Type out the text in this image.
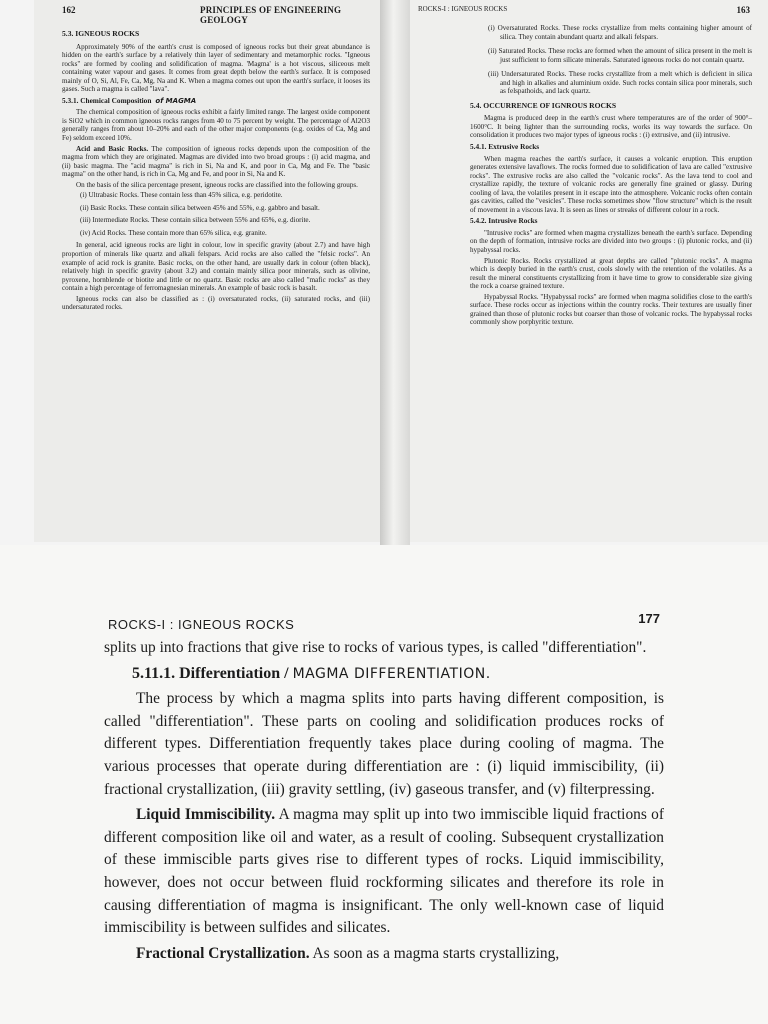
162	PRINCIPLES OF ENGINEERING GEOLOGY
5.3. IGNEOUS ROCKS

Approximately 90% of the earth's crust is composed of igneous rocks but their great abundance is hidden on the earth's surface by a relatively thin layer of sedimentary and metamorphic rocks. "Igneous rocks" are formed by cooling and solidification of magma. 'Magma' is a hot viscous, siliceous melt containing water vapour and gases. It comes from great depth below the earth's surface. It is composed mainly of O, Si, Al, Fe, Ca, Mg, Na and K. When a magma comes out upon the earth's surface, it looses its gases. Such a magma is called "lava".

5.3.1. Chemical Composition of MAGMA

The chemical composition of igneous rocks exhibit a fairly limited range. The largest oxide component is SiO2 which in common igneous rocks ranges from 40 to 75 percent by weight. The percentage of Al2O3 generally ranges from about 10–20% and each of the other major components (e.g. oxides of Ca, Mg and Fe) seldom exceed 10%.

Acid and Basic Rocks. The composition of igneous rocks depends upon the composition of the magma from which they are originated. Magmas are divided into two broad groups : (i) acid magma, and (ii) basic magma. The "acid magma" is rich in Si, Na and K, and poor in Ca, Mg and Fe. The "basic magma" on the other hand, is rich in Ca, Mg and Fe, and poor in Si, Na and K.

On the basis of the silica percentage present, igneous rocks are classified into the following groups.

(i) Ultrabasic Rocks. These contain less than 45% silica, e.g. peridotite.
(ii) Basic Rocks. These contain silica between 45% and 55%, e.g. gabbro and basalt.
(iii) Intermediate Rocks. These contain silica between 55% and 65%, e.g. diorite.
(iv) Acid Rocks. These contain more than 65% silica, e.g. granite.

In general, acid igneous rocks are light in colour, low in specific gravity (about 2.7) and have high proportion of minerals like quartz and alkali felspars. Acid rocks are also called the "felsic rocks". An example of acid rock is granite. Basic rocks, on the other hand, are usually dark in colour (often black), relatively high in specific gravity (about 3.2) and contain mainly silica poor minerals, such as olivine, pyroxene, hornblende or biotite and little or no quartz. Basic rocks are also called "mafic rocks" as they contain a high percentage of ferromagnesian minerals. An example of basic rock is basalt.

Igneous rocks can also be classified as : (i) oversaturated rocks, (ii) saturated rocks, and (iii) undersaturated rocks.

ROCKS-I : IGNEOUS ROCKS	163
(i) Oversaturated Rocks. These rocks crystallize from melts containing higher amount of silica. They contain abundant quartz and alkali felspars.
(ii) Saturated Rocks. These rocks are formed when the amount of silica present in the melt is just sufficient to form silicate minerals. Saturated igneous rocks do not contain quartz.
(iii) Undersaturated Rocks. These rocks crystallize from a melt which is deficient in silica and high in alkalies and aluminium oxide. Such rocks contain silica poor minerals, such as felspathoids, and lack quartz.
5.4. OCCURRENCE OF IGNROUS ROCKS

Magma is produced deep in the earth's crust where temperatures are of the order of 900°–1600°C. It being lighter than the surrounding rocks, works its way towards the surface. On consolidation it produces two major types of igneous rocks : (i) extrusive, and (ii) intrusive.

5.4.1. Extrusive Rocks

When magma reaches the earth's surface, it causes a volcanic eruption. This eruption generates extensive lavaflows. The rocks formed due to solidification of lava are called "extrusive rocks". The extrusive rocks are also called the "volcanic rocks". As the lava tend to cool and crystallize rapidly, the texture of volcanic rocks are generally fine grained or glassy. During cooling of lava, the volatiles present in it escape into the atmosphere. Volcanic rocks often contain gas cavities, called the "vesicles". These rocks sometimes show "flow structure" which is the result of movement in a viscous lava. It is seen as lines or streaks of different colour in a rock.

5.4.2. Intrusive Rocks

"Intrusive rocks" are formed when magma crystallizes beneath the earth's surface. Depending on the depth of formation, intrusive rocks are divided into two groups : (i) plutonic rocks, and (ii) hypabyssal rocks.

Plutonic Rocks. Rocks crystallized at great depths are called "plutonic rocks". A magma which is deeply buried in the earth's crust, cools slowly with the retention of the volatiles. As a result the mineral constituents crystallizing from it have time to grow to considerable size giving the rock a coarse grained texture.

Hypabyssal Rocks. "Hypabyssal rocks" are formed when magma solidifies close to the earth's surface. These rocks occur as injections within the country rocks. Their textures are usually finer grained than those of plutonic rocks but coarser than those of volcanic rocks. The hypabyssal rocks commonly show porphyritic texture.

ROCKS-I : IGNEOUS ROCKS	177

splits up into fractions that give rise to rocks of various types, is called "differentiation".

5.11.1. Differentiation / MAGMA DIFFERENTIATION.

The process by which a magma splits into parts having different composition, is called "differentiation". These parts on cooling and solidification produces rocks of different types. Differentiation frequently takes place during cooling of magma. The various processes that operate during differentiation are : (i) liquid immiscibility, (ii) fractional crystallization, (iii) gravity settling, (iv) gaseous transfer, and (v) filterpressing.

Liquid Immiscibility. A magma may split up into two immiscible liquid fractions of different composition like oil and water, as a result of cooling. Subsequent crystallization of these immiscible parts gives rise to different types of rocks. Liquid immiscibility, however, does not occur between fluid rockforming silicates and therefore its role in causing differentiation of magma is insignificant. The only well-known case of liquid immiscibility is between sulfides and silicates.

Fractional Crystallization. As soon as a magma starts crystallizing,
